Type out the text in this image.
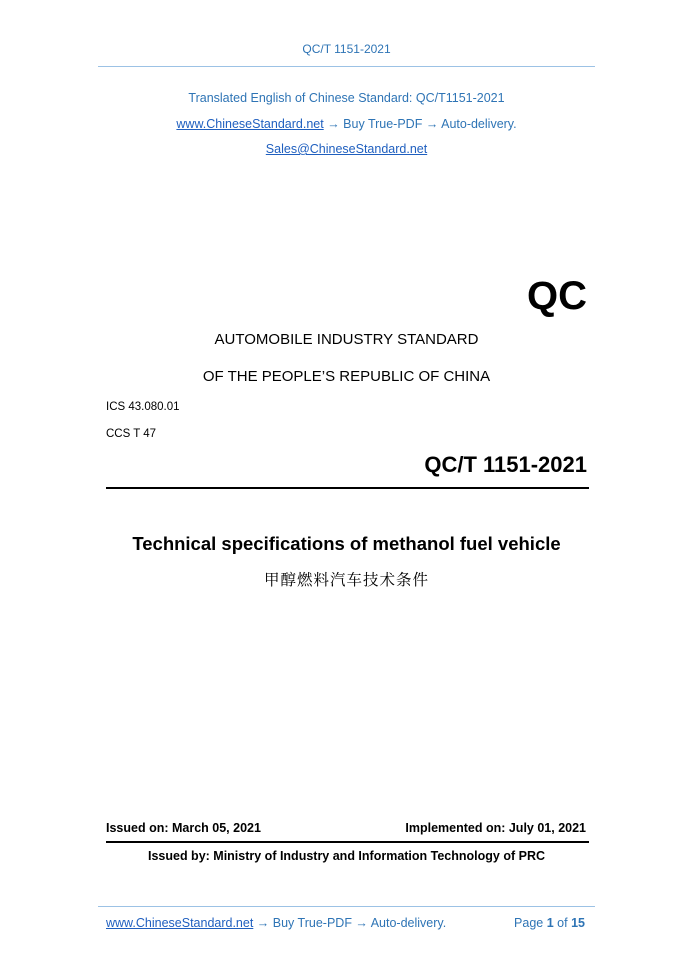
QC/T 1151-2021
Translated English of Chinese Standard: QC/T1151-2021
www.ChineseStandard.net → Buy True-PDF → Auto-delivery.
Sales@ChineseStandard.net
QC
AUTOMOBILE INDUSTRY STANDARD
OF THE PEOPLE’S REPUBLIC OF CHINA
ICS 43.080.01
CCS T 47
QC/T 1151-2021
Technical specifications of methanol fuel vehicle
甲醇燃料汽车技术条件
Issued on: March 05, 2021	Implemented on: July 01, 2021
Issued by: Ministry of Industry and Information Technology of PRC
www.ChineseStandard.net → Buy True-PDF → Auto-delivery.	Page 1 of 15
